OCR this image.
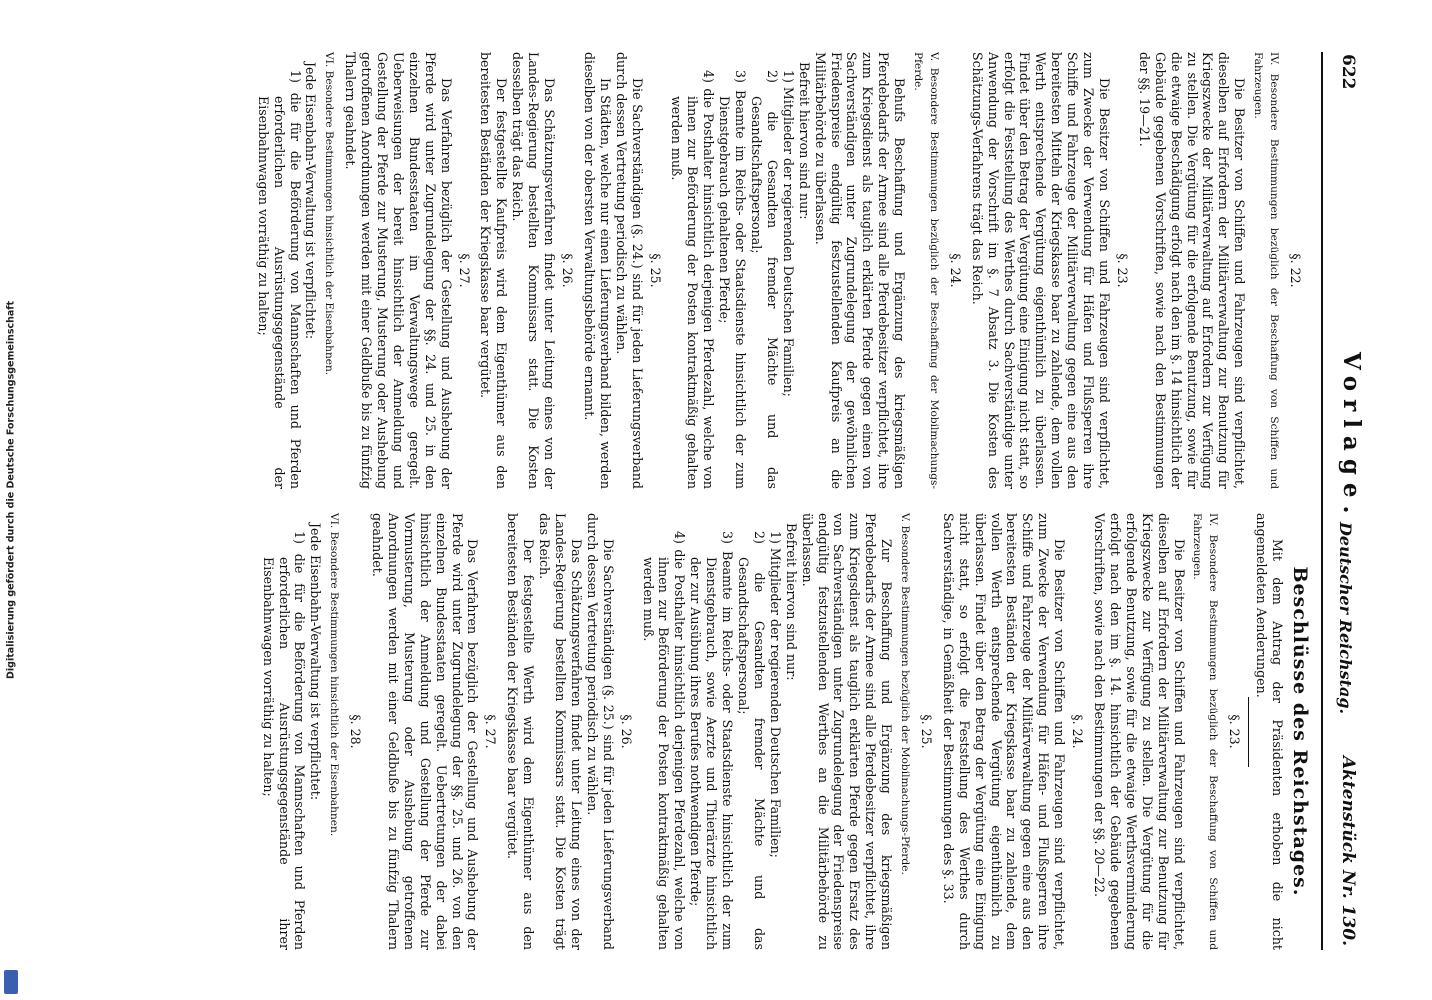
Digitalisierung gefördert durch die Deutsche Forschungsgemeinschaft
622
Vorlage.
Deutscher Reichstag.
Aktenstück Nr. 130.
§. 22.

IV. Besondere Bestimmungen bezüglich der Beschaffung von Schiffen und Fahrzeugen.

Die Besitzer von Schiffen und Fahrzeugen sind verpflichtet, dieselben auf Erfordern der Militärverwaltung zur Benutzung für Kriegszwecke der Militärverwaltung auf Erfordern zur Verfügung zu stellen. Die Vergütung für die erfolgende Benutzung, sowie für die etwaige Beschädigung erfolgt nach den im §. 14 hinsichtlich der Gebäude gegebenen Vorschriften, sowie nach den Bestimmungen der §§. 19—21.

§. 23.

Die Besitzer von Schiffen und Fahrzeugen sind verpflichtet, zum Zwecke der Verwendung für Häfen und Flußsperren ihre Schiffe und Fahrzeuge der Militärverwaltung gegen eine aus den bereitesten Mitteln der Kriegskasse baar zu zahlende, dem vollen Werth entsprechende Vergütung eigenthümlich zu überlassen. Findet über den Betrag der Vergütung eine Einigung nicht statt, so erfolgt die Feststellung des Werthes durch Sachverständige unter Anwendung der Vorschrift im §. 7 Absatz 3. Die Kosten des Schätzungs-Verfahrens trägt das Reich.

§. 24.

V. Besondere Bestimmungen bezüglich der Beschaffung der Mobilmachungs-Pferde.

Behufs Beschaffung und Ergänzung des kriegsmäßigen Pferdebedarfs der Armee sind alle Pferdebesitzer verpflichtet, ihre zum Kriegsdienst als tauglich erklärten Pferde gegen einen von Sachverständigen unter Zugrundelegung der gewöhnlichen Friedenspreise endgültig festzustellenden Kaufpreis an die Militärbehörde zu überlassen.

Befreit hiervon sind nur:

1) Mitglieder der regierenden Deutschen Familien;

2) die Gesandten fremder Mächte und das Gesandtschaftspersonal;

3) Beamte im Reichs- oder Staatsdienste hinsichtlich der zum Dienstgebrauch gehaltenen Pferde;

4) die Posthalter hinsichtlich derjenigen Pferdezahl, welche von ihnen zur Beförderung der Posten kontraktmäßig gehalten werden muß.

§. 25.

Die Sachverständigen (§. 24.) sind für jeden Lieferungsverband durch dessen Vertretung periodisch zu wählen.

In Städten, welche nur einen Lieferungsverband bilden, werden dieselben von der obersten Verwaltungsbehörde ernannt.

§. 26.

Das Schätzungsverfahren findet unter Leitung eines von der Landes-Regierung bestellten Kommissars statt. Die Kosten desselben trägt das Reich.

Der festgestellte Kaufpreis wird dem Eigenthümer aus den bereitesten Beständen der Kriegskasse baar vergütet.

§. 27.

Das Verfahren bezüglich der Gestellung und Aushebung der Pferde wird unter Zugrundelegung der §§. 24. und 25. in den einzelnen Bundesstaaten im Verwaltungswege geregelt. Ueberweisungen der bereit hinsichtlich der Anmeldung und Gestellung der Pferde zur Musterung, Musterung oder Aushebung getroffenen Anordnungen werden mit einer Geldbuße bis zu fünfzig Thalern geahndet.

VI. Besondere Bestimmungen hinsichtlich der Eisenbahnen.

Jede Eisenbahn-Verwaltung ist verpflichtet:

1) die für die Beförderung von Mannschaften und Pferden erforderlichen Ausrüstungsgegenstände der Eisenbahnwagen vorräthig zu halten;

Beschlüsse des Reichstages.

Mit dem Antrag der Präsidenten erhoben die nicht angemeldeten Aenderungen.

§. 23.

IV. Besondere Bestimmungen bezüglich der Beschaffung von Schiffen und Fahrzeugen.

Die Besitzer von Schiffen und Fahrzeugen sind verpflichtet, dieselben auf Erfordern der Militärverwaltung zur Benutzung für Kriegszwecke zur Verfügung zu stellen. Die Vergütung für die erfolgende Benutzung, sowie für die etwaige Werthsverminderung erfolgt nach den im §. 14. hinsichtlich der Gebäude gegebenen Vorschriften, sowie nach den Bestimmungen der §§. 20—22.

§. 24.

Die Besitzer von Schiffen und Fahrzeugen sind verpflichtet, zum Zwecke der Verwendung für Häfen- und Flußsperren ihre Schiffe und Fahrzeuge der Militärverwaltung gegen eine aus den bereitesten Beständen der Kriegskasse baar zu zahlende, dem vollen Werth entsprechende Vergütung eigenthümlich zu überlassen. Findet über den Betrag der Vergütung eine Einigung nicht statt, so erfolgt die Feststellung des Werthes durch Sachverständige, in Gemäßheit der Bestimmungen des §. 33.

§. 25.

V. Besondere Bestimmungen bezüglich der Mobilmachungs-Pferde.

Zur Beschaffung und Ergänzung des kriegsmäßigen Pferdebedarfs der Armee sind alle Pferdebesitzer verpflichtet, ihre zum Kriegsdienst als tauglich erklärten Pferde gegen Ersatz des von Sachverständigen unter Zugrundelegung der Friedenspreise endgültig festzustellenden Werthes an die Militärbehörde zu überlassen.

Befreit hiervon sind nur:

1) Mitglieder der regierenden Deutschen Familien;

2) die Gesandten fremder Mächte und das Gesandtschaftspersonal;

3) Beamte im Reichs- oder Staatsdienste hinsichtlich der zum Dienstgebrauch, sowie Aerzte und Thierärzte hinsichtlich der zur Ausübung ihres Berufes nothwendigen Pferde;

4) die Posthalter hinsichtlich derjenigen Pferdezahl, welche von ihnen zur Beförderung der Posten kontraktmäßig gehalten werden muß.

§. 26.

Die Sachverständigen (§. 25.) sind für jeden Lieferungsverband durch dessen Vertretung periodisch zu wählen.

Das Schätzungsverfahren findet unter Leitung eines von der Landes-Regierung bestellten Kommissars statt. Die Kosten trägt das Reich.

Der festgestellte Werth wird dem Eigenthümer aus den bereitesten Beständen der Kriegskasse baar vergütet.

§. 27.

Das Verfahren bezüglich der Gestellung und Aushebung der Pferde wird unter Zugrundelegung der §§. 25. und 26. von den einzelnen Bundesstaaten geregelt. Uebertretungen der dabei hinsichtlich der Anmeldung und Gestellung der Pferde zur Vormusterung, Musterung oder Aushebung getroffenen Anordnungen werden mit einer Geldbuße bis zu fünfzig Thalern geahndet.

§. 28.

VI. Besondere Bestimmungen hinsichtlich der Eisenbahnen.

Jede Eisenbahn-Verwaltung ist verpflichtet:

1) die für die Beförderung von Mannschaften und Pferden erforderlichen Ausrüstungsgegenstände ihrer Eisenbahnwagen vorräthig zu halten;
